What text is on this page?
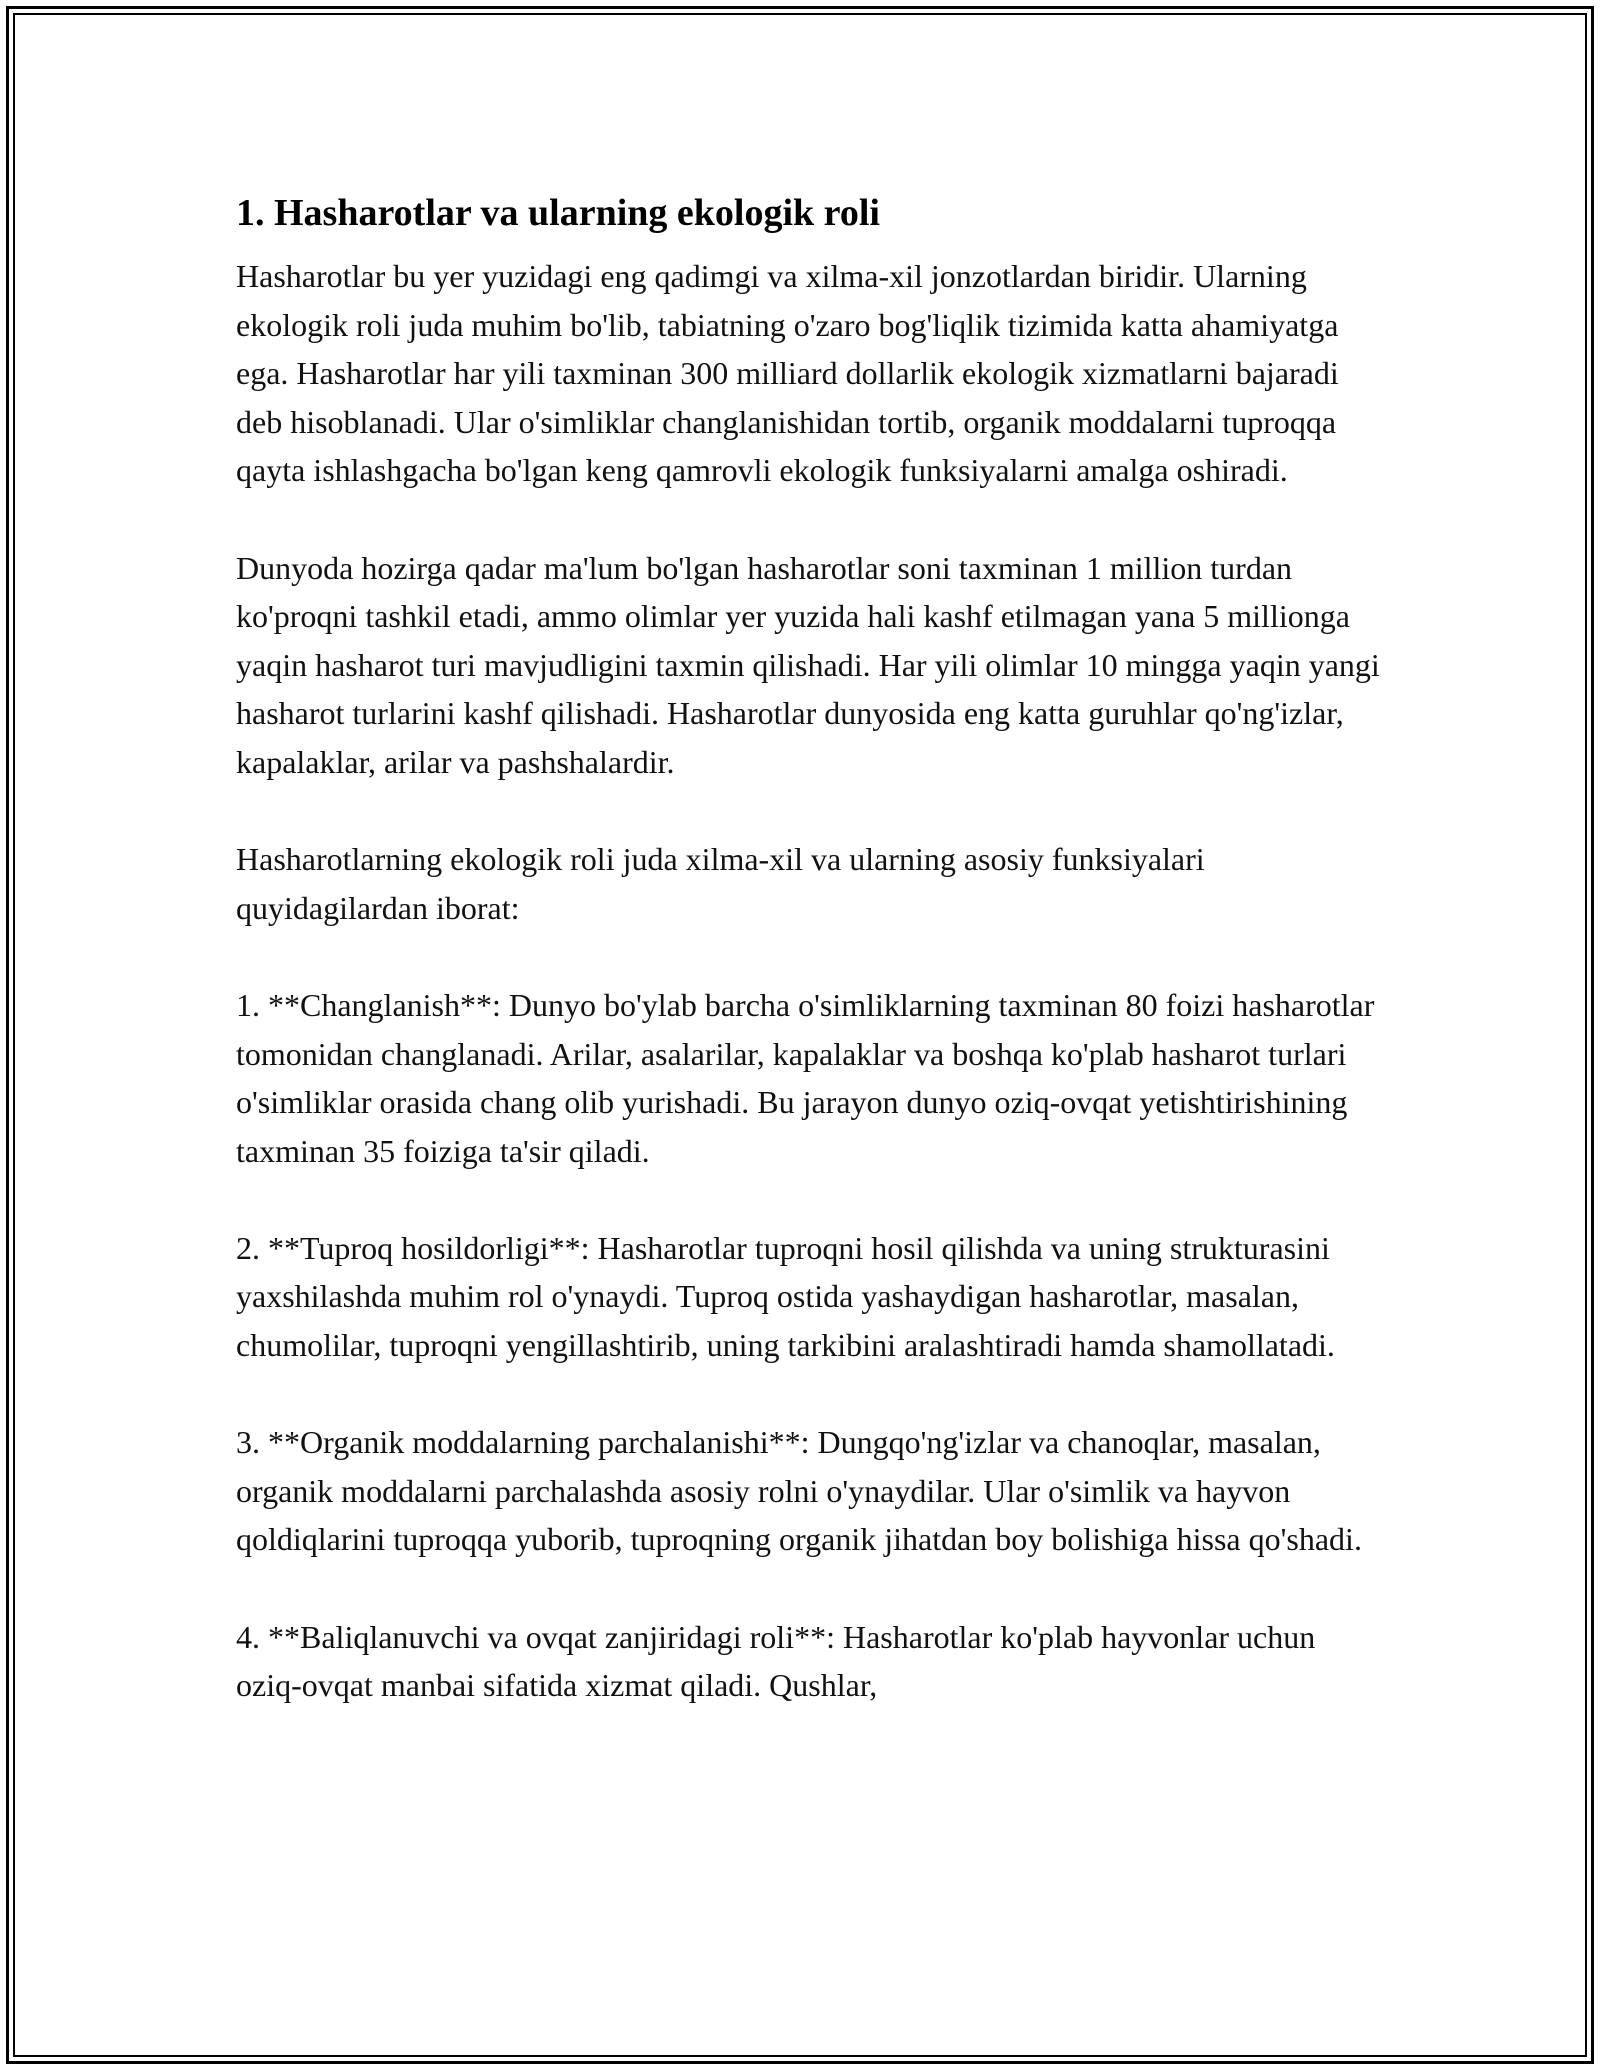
1. Hasharotlar va ularning ekologik roli

Hasharotlar bu yer yuzidagi eng qadimgi va xilma-xil jonzotlardan biridir. Ularning ekologik roli juda muhim bo'lib, tabiatning o'zaro bog'liqlik tizimida katta ahamiyatga ega. Hasharotlar har yili taxminan 300 milliard dollarlik ekologik xizmatlarni bajaradi deb hisoblanadi. Ular o'simliklar changlanishidan tortib, organik moddalarni tuproqqa qayta ishlashgacha bo'lgan keng qamrovli ekologik funksiyalarni amalga oshiradi.

Dunyoda hozirga qadar ma'lum bo'lgan hasharotlar soni taxminan 1 million turdan ko'proqni tashkil etadi, ammo olimlar yer yuzida hali kashf etilmagan yana 5 millionga yaqin hasharot turi mavjudligini taxmin qilishadi. Har yili olimlar 10 mingga yaqin yangi hasharot turlarini kashf qilishadi. Hasharotlar dunyosida eng katta guruhlar qo'ng'izlar, kapalaklar, arilar va pashshalardir.

Hasharotlarning ekologik roli juda xilma-xil va ularning asosiy funksiyalari quyidagilardan iborat:

1. **Changlanish**: Dunyo bo'ylab barcha o'simliklarning taxminan 80 foizi hasharotlar tomonidan changlanadi. Arilar, asalarilar, kapalaklar va boshqa ko'plab hasharot turlari o'simliklar orasida chang olib yurishadi. Bu jarayon dunyo oziq-ovqat yetishtirishining taxminan 35 foiziga ta'sir qiladi.

2. **Tuproq hosildorligi**: Hasharotlar tuproqni hosil qilishda va uning strukturasini yaxshilashda muhim rol o'ynaydi. Tuproq ostida yashaydigan hasharotlar, masalan, chumolilar, tuproqni yengillashtirib, uning tarkibini aralashtiradi hamda shamollatadi.

3. **Organik moddalarning parchalanishi**: Dungqo'ng'izlar va chanoqlar, masalan, organik moddalarni parchalashda asosiy rolni o'ynaydilar. Ular o'simlik va hayvon qoldiqlarini tuproqqa yuborib, tuproqning organik jihatdan boy bolishiga hissa qo'shadi.

4. **Baliqlanuvchi va ovqat zanjiridagi roli**: Hasharotlar ko'plab hayvonlar uchun oziq-ovqat manbai sifatida xizmat qiladi. Qushlar,
